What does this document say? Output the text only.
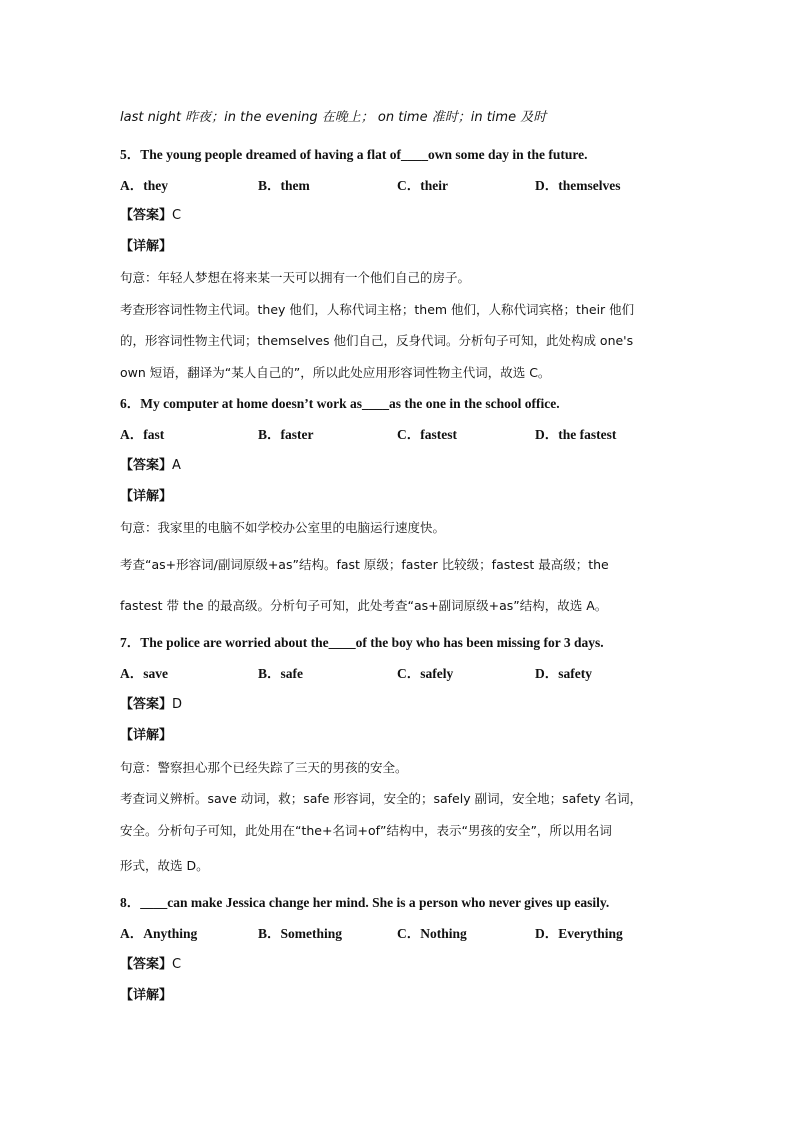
last night 昨夜；in the evening 在晚上； on time 准时；in time 及时
5．The young people dreamed of having a flat of____own some day in the future.
A．they	B．them	C．their	D．themselves
【答案】C
【详解】
句意：年轻人梦想在将来某一天可以拥有一个他们自己的房子。
考查形容词性物主代词。they 他们，人称代词主格；them 他们，人称代词宾格；their 他们
的，形容词性物主代词；themselves 他们自己，反身代词。分析句子可知，此处构成 one's
own 短语，翻译为“某人自己的”，所以此处应用形容词性物主代词，故选 C。
6．My computer at home doesn’t work as____as the one in the school office.
A．fast	B．faster	C．fastest	D．the fastest
【答案】A
【详解】
句意：我家里的电脑不如学校办公室里的电脑运行速度快。
考查“as+形容词/副词原级+as”结构。fast 原级；faster 比较级；fastest 最高级；the
fastest 带 the 的最高级。分析句子可知，此处考查“as+副词原级+as”结构，故选 A。
7．The police are worried about the____of the boy who has been missing for 3 days.
A．save	B．safe	C．safely	D．safety
【答案】D
【详解】
句意：警察担心那个已经失踪了三天的男孩的安全。
考查词义辨析。save 动词，救；safe 形容词，安全的；safely 副词，安全地；safety 名词，
安全。分析句子可知，此处用在“the+名词+of”结构中，表示“男孩的安全”，所以用名词
形式，故选 D。
8．____can make Jessica change her mind. She is a person who never gives up easily.
A．Anything	B．Something	C．Nothing	D．Everything
【答案】C
【详解】
